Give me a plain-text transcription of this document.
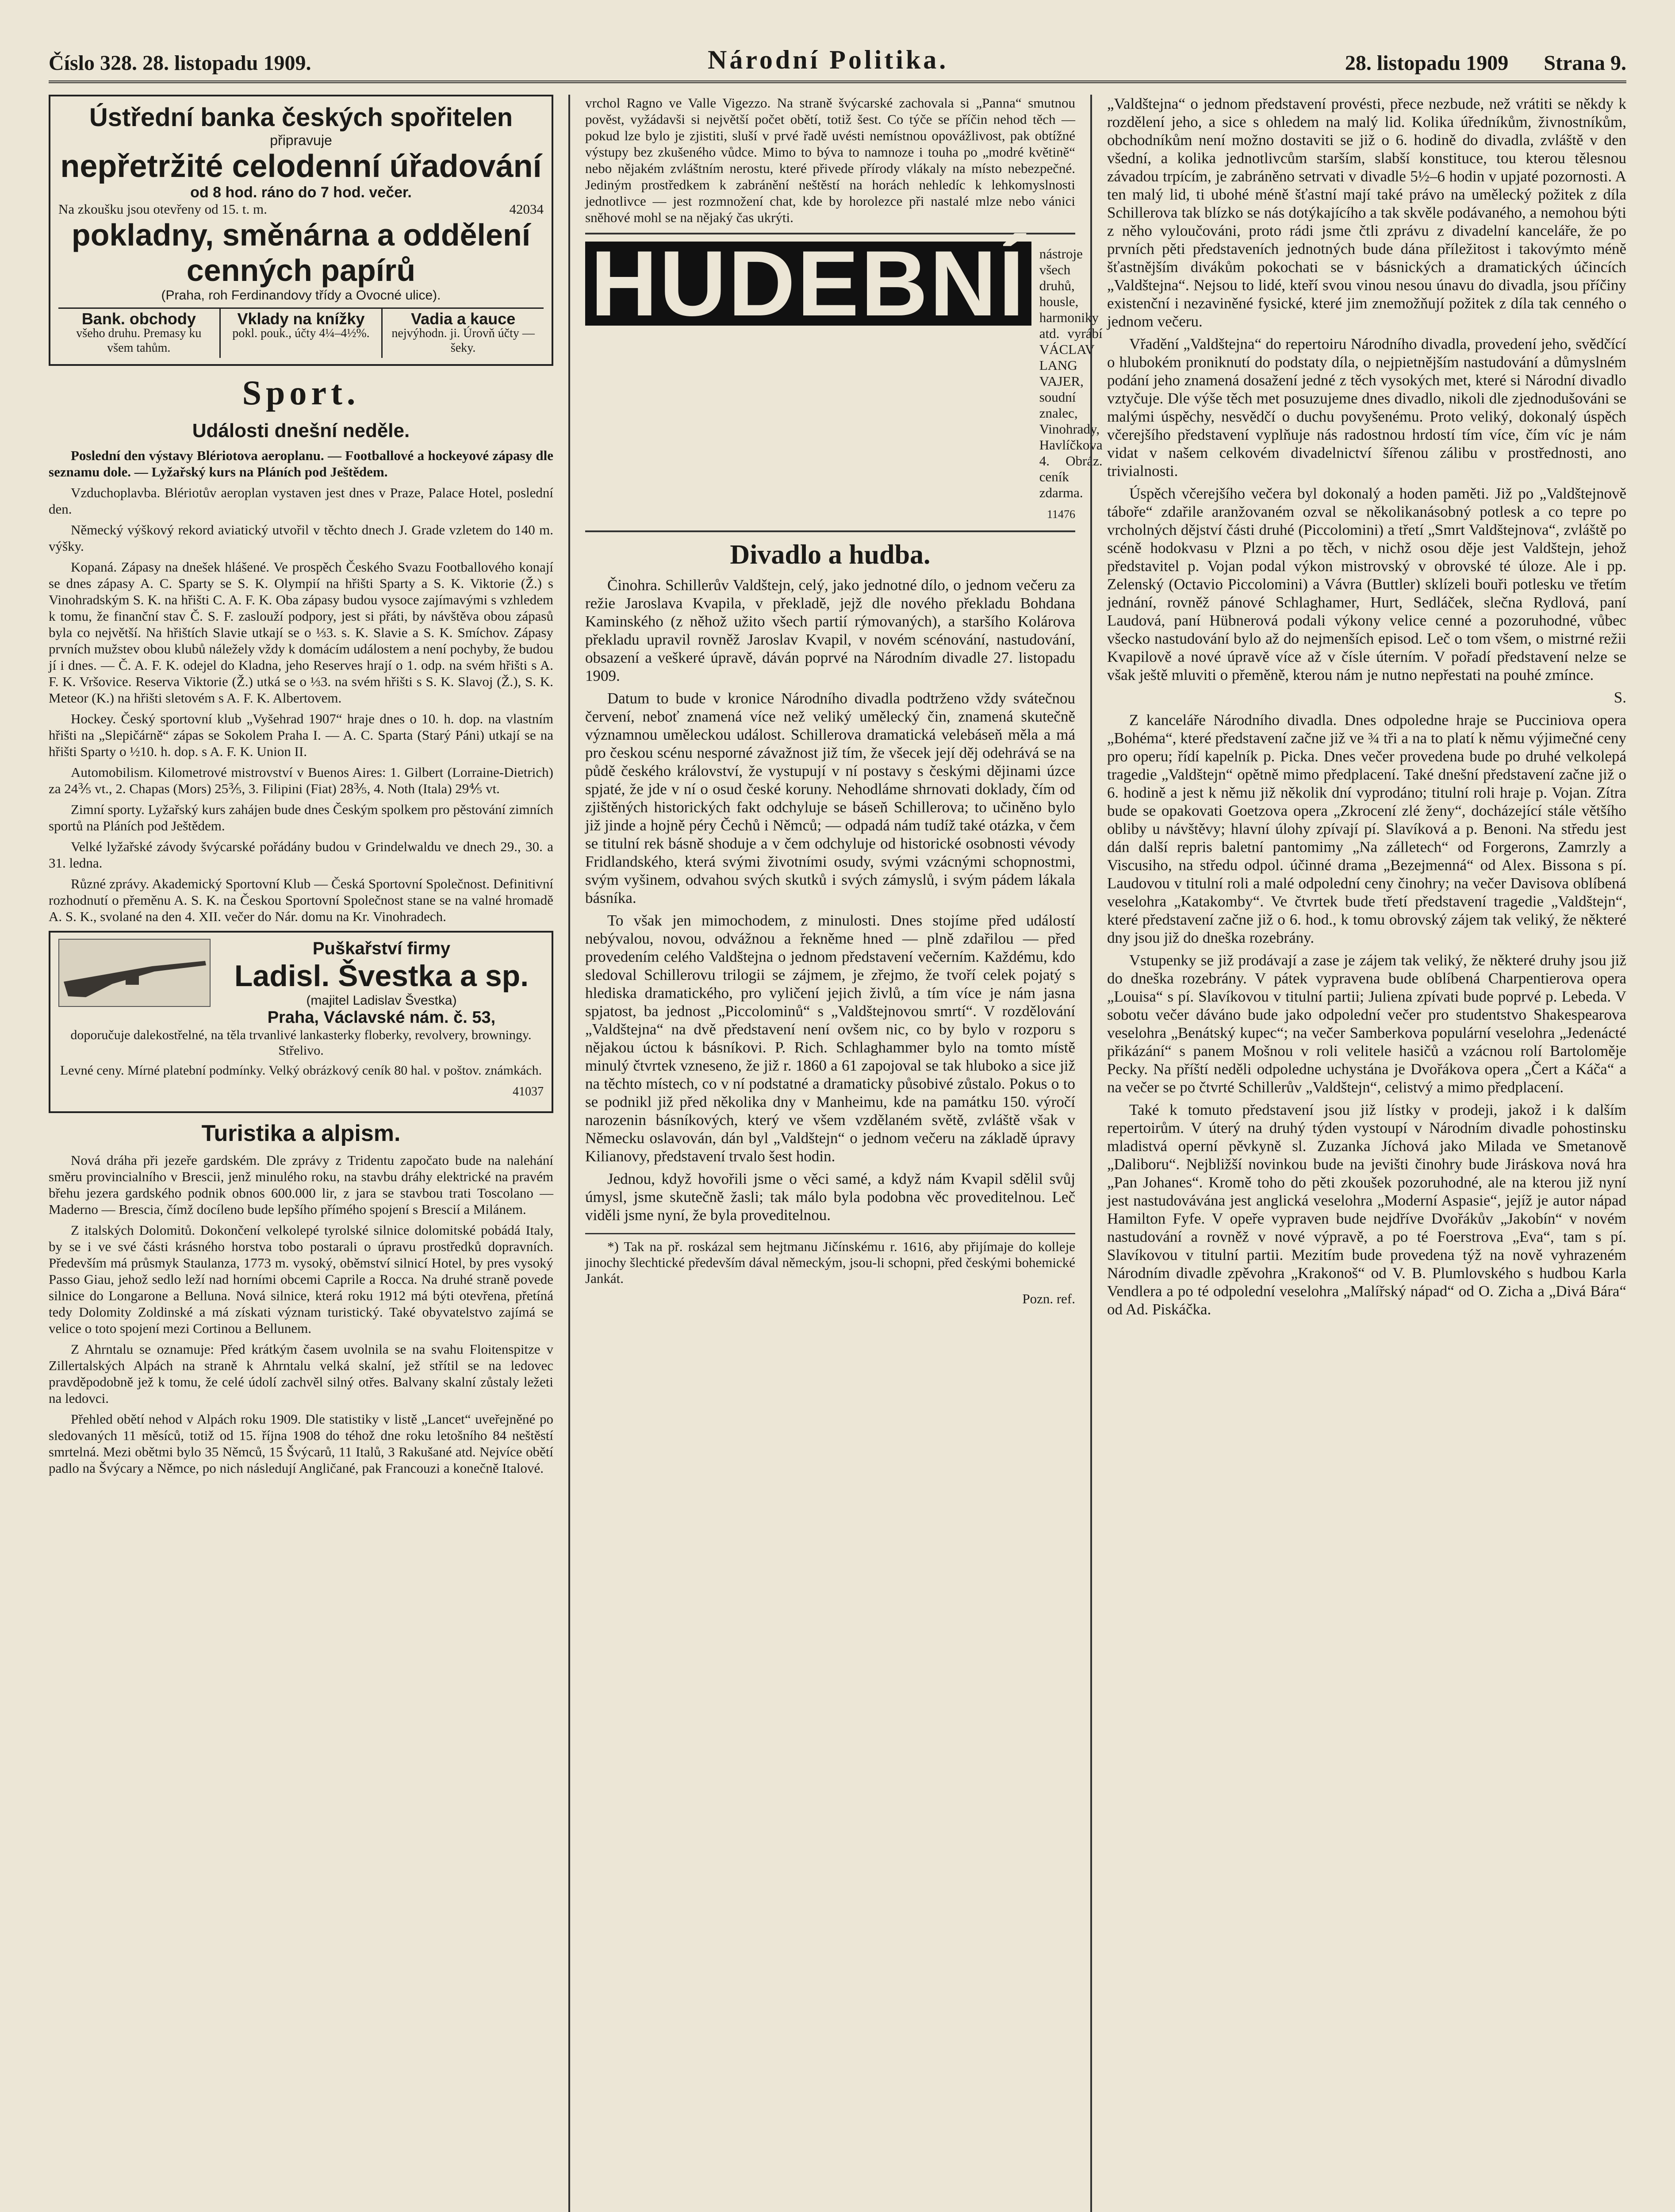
Číslo 328. 28. listopadu 1909.	Národní Politika.	28. listopadu 1909 Strana 9.
Ústřední banka českých spořitelen
připravuje
nepřetržité celodenní úřadování
od 8 hod. ráno do 7 hod. večer.
Na zkoušku jsou otevřeny od 15. t. m.	42034
pokladny, směnárna a oddělení cenných papírů
(Praha, roh Ferdinandovy třídy a Ovocné ulice).
Bank. obchody
všeho druhu. Premasy ku všem tahům.
Vklady na knížky
pokl. pouk., účty 4¼–4½%.
Vadia a kauce
nejvýhodn. ji. Úrovň účty — šeky.
Sport.
Události dnešní neděle.

Poslední den výstavy Blériotova aeroplanu. — Footballové a hockeyové zápasy dle seznamu dole. — Lyžařský kurs na Pláních pod Ještědem.

Vzduchoplavba. Blériotův aeroplan vystaven jest dnes v Praze, Palace Hotel, poslední den.

Německý výškový rekord aviatický utvořil v těchto dnech J. Grade vzletem do 140 m. výšky.

Kopaná. Zápasy na dnešek hlášené. Ve prospěch Českého Svazu Footballového konají se dnes zápasy A. C. Sparty se S. K. Olympií na hřišti Sparty a S. K. Viktorie (Ž.) s Vinohradským S. K. na hřišti C. A. F. K. Oba zápasy budou vysoce zajímavými s vzhledem k tomu, že finanční stav Č. S. F. zaslouží podpory, jest si přáti, by návštěva obou zápasů byla co největší. Na hřištích Slavie utkají se o ⅓3. s. K. Slavie a S. K. Smíchov. Zápasy prvních mužstev obou klubů náležely vždy k domácím událostem a není pochyby, že budou jí i dnes. — Č. A. F. K. odejel do Kladna, jeho Reserves hrají o 1. odp. na svém hřišti s A. F. K. Vršovice. Reserva Viktorie (Ž.) utká se o ⅓3. na svém hřišti s S. K. Slavoj (Ž.), S. K. Meteor (K.) na hřišti sletovém s A. F. K. Albertovem.

Hockey. Český sportovní klub „Vyšehrad 1907“ hraje dnes o 10. h. dop. na vlastním hřišti na „Slepičárně“ zápas se Sokolem Praha I. — A. C. Sparta (Starý Páni) utkají se na hřišti Sparty o ½10. h. dop. s A. F. K. Union II.

Automobilism. Kilometrové mistrovství v Buenos Aires: 1. Gilbert (Lorraine-Dietrich) za 24⅗ vt., 2. Chapas (Mors) 25⅗, 3. Filipini (Fiat) 28⅗, 4. Noth (Itala) 29⅘ vt.

Zimní sporty. Lyžařský kurs zahájen bude dnes Českým spolkem pro pěstování zimních sportů na Pláních pod Ještědem.

Velké lyžařské závody švýcarské pořádány budou v Grindelwaldu ve dnech 29., 30. a 31. ledna.

Různé zprávy. Akademický Sportovní Klub — Česká Sportovní Společnost. Definitivní rozhodnutí o přeměnu A. S. K. na Českou Sportovní Společnost stane se na valné hromadě A. S. K., svolané na den 4. XII. večer do Nár. domu na Kr. Vinohradech.

Puškařství firmy
Ladisl. Švestka a sp.
(majitel Ladislav Švestka)
Praha, Václavské nám. č. 53,

doporučuje dalekostřelné, na těla trvanlivé lankasterky floberky, revolvery, browningy. Střelivo.

Levné ceny. Mírné platební podmínky. Velký obrázkový ceník 80 hal. v poštov. známkách.

41037

Turistika a alpism.

Nová dráha při jezeře gardském. Dle zprávy z Tridentu započato bude na nalehání směru provincialního v Brescii, jenž minulého roku, na stavbu dráhy elektrické na pravém břehu jezera gardského podnik obnos 600.000 lir, z jara se stavbou trati Toscolano — Maderno — Brescia, čímž docíleno bude lepšího přímého spojení s Brescií a Milánem.

Z italských Dolomitů. Dokončení velkolepé tyrolské silnice dolomitské pobádá Italy, by se i ve své části krásného horstva tobo postarali o úpravu prostředků dopravních. Především má průsmyk Staulanza, 1773 m. vysoký, oběmství silnicí Hotel, by pres vysoký Passo Giau, jehož sedlo leží nad horními obcemi Caprile a Rocca. Na druhé straně povede silnice do Longarone a Belluna. Nová silnice, která roku 1912 má býti otevřena, přetíná tedy Dolomity Zoldinské a má získati význam turistický. Také obyvatelstvo zajímá se velice o toto spojení mezi Cortinou a Bellunem.

Z Ahrntalu se oznamuje: Před krátkým časem uvolnila se na svahu Floitenspitze v Zillertalských Alpách na straně k Ahrntalu velká skalní, jež střítil se na ledovec pravděpodobně jež k tomu, že celé údolí zachvěl silný otřes. Balvany skalní zůstaly ležeti na ledovci.

Přehled obětí nehod v Alpách roku 1909. Dle statistiky v listě „Lancet“ uveřejněné po sledovaných 11 měsíců, totiž od 15. října 1908 do téhož dne roku letošního 84 neštěstí smrtelná. Mezi obětmi bylo 35 Němců, 15 Švýcarů, 11 Italů, 3 Rakušané atd. Nejvíce obětí padlo na Švýcary a Němce, po nich následují Angličané, pak Francouzi a konečně Italové.

vrchol Ragno ve Valle Vigezzo. Na straně švýcarské zachovala si „Panna“ smutnou pověst, vyžádavši si největší počet obětí, totiž šest. Co týče se příčin nehod těch — pokud lze bylo je zjistiti, sluší v prvé řadě uvésti nemístnou opovážlivost, pak obtížné výstupy bez zkušeného vůdce. Mimo to býva to namnoze i touha po „modré květině“ nebo nějakém zvláštním nerostu, které přivede přírody vlákaly na místo nebezpečné. Jediným prostředkem k zabránění neštěstí na horách nehledíc k lehkomyslnosti jednotlivce — jest rozmnožení chat, kde by horolezce při nastalé mlze nebo vánici sněhové mohl se na nějaký čas ukrýti.

HUDEBNÍ nástroje všech druhů, housle, harmoniky atd. vyrábí VÁCLAV LANG VAJER, soudní znalec, Vinohrady, Havlíčkova 4. Obráz. ceník zdarma.

11476

Divadlo a hudba.

Činohra. Schillerův Valdštejn, celý, jako jednotné dílo, o jednom večeru za režie Jaroslava Kvapila, v překladě, jejž dle nového překladu Bohdana Kaminského (z něhož užito všech partií rýmovaných), a staršího Kolárova překladu upravil rovněž Jaroslav Kvapil, v novém scénování, nastudování, obsazení a veškeré úpravě, dáván poprvé na Národním divadle 27. listopadu 1909.

Datum to bude v kronice Národního divadla podtrženo vždy svátečnou červení, neboť znamená více než veliký umělecký čin, znamená skutečně významnou uměleckou událost. Schillerova dramatická velebáseň měla a má pro českou scénu nesporné závažnost již tím, že všecek její děj odehrává se na půdě českého království, že vystupují v ní postavy s českými dějinami úzce spjaté, že jde v ní o osud české koruny. Nehodláme shrnovati doklady, čím od zjištěných historických fakt odchyluje se báseň Schillerova; to učiněno bylo již jinde a hojně péry Čechů i Němců; — odpadá nám tudíž také otázka, v čem se titulní rek básně shoduje a v čem odchyluje od historické osobnosti vévody Fridlandského, která svými životními osudy, svými vzácnými schopnostmi, svým vyšinem, odvahou svých skutků i svých zámyslů, i svým pádem lákala básníka.

To však jen mimochodem, z minulosti. Dnes stojíme před událostí nebývalou, novou, odvážnou a řekněme hned — plně zdařilou — před provedením celého Valdštejna o jednom představení večerním. Každému, kdo sledoval Schillerovu trilogii se zájmem, je zřejmo, že tvoří celek pojatý s hlediska dramatického, pro vyličení jejich živlů, a tím více je nám jasna spjatost, ba jednost „Piccolominů“ s „Valdštejnovou smrtí“. V rozdělování „Valdštejna“ na dvě představení není ovšem nic, co by bylo v rozporu s nějakou úctou k básníkovi. P. Rich. Schlaghammer bylo na tomto místě minulý čtvrtek vzneseno, že již r. 1860 a 61 zapojoval se tak hluboko a sice již na těchto místech, co v ní podstatné a dramaticky působivé zůstalo. Pokus o to se podnikl již před několika dny v Manheimu, kde na památku 150. výročí narozenin básníkových, který ve všem vzdělaném světě, zvláště však v Německu oslavován, dán byl „Valdštejn“ o jednom večeru na základě úpravy Kilianovy, představení trvalo šest hodin.

Jednou, když hovořili jsme o věci samé, a když nám Kvapil sdělil svůj úmysl, jsme skutečně žasli; tak málo byla podobna věc proveditelnou. Leč viděli jsme nyní, že byla proveditelnou.

*) Tak na př. roskázal sem hejtmanu Jičínskému r. 1616, aby přijímaje do kolleje jinochy šlechtické především dával německým, jsou-li schopni, před českými bohemické Jankát.

Pozn. ref.

„Valdštejna“ o jednom představení provésti, přece nezbude, než vrátiti se někdy k rozdělení jeho, a sice s ohledem na malý lid. Kolika úředníkům, živnostníkům, obchodníkům není možno dostaviti se již o 6. hodině do divadla, zvláště v den všední, a kolika jednotlivcům starším, slabší konstituce, tou kterou tělesnou závadou trpícím, je zabráněno setrvati v divadle 5½–6 hodin v upjaté pozornosti. A ten malý lid, ti ubohé méně šťastní mají také právo na umělecký požitek z díla Schillerova tak blízko se nás dotýkajícího a tak skvěle podávaného, a nemohou býti z něho vyloučováni, proto rádi jsme čtli zprávu z divadelní kanceláře, že po prvních pěti představeních jednotných bude dána příležitost i takovýmto méně šťastnějším divákům pokochati se v básnických a dramatických účincích „Valdštejna“. Nejsou to lidé, kteří svou vinou nesou únavu do divadla, jsou příčiny existenční i nezaviněné fysické, které jim znemožňují požitek z díla tak cenného o jednom večeru.

Vřadění „Valdštejna“ do repertoiru Národního divadla, provedení jeho, svědčící o hlubokém proniknutí do podstaty díla, o nejpietnějším nastudování a důmyslném podání jeho znamená dosažení jedné z těch vysokých met, které si Národní divadlo vztyčuje. Dle výše těch met posuzujeme dnes divadlo, nikoli dle zjednodušováni se malými úspěchy, nesvědčí o duchu povyšenému. Proto veliký, dokonalý úspěch včerejšího představení vyplňuje nás radostnou hrdostí tím více, čím víc je nám vidat v našem celkovém divadelnictví šířenou zálibu v prostřednosti, ano trivialnosti.

Úspěch včerejšího večera byl dokonalý a hoden paměti. Již po „Valdštejnově táboře“ zdařile aranžovaném ozval se několikanásobný potlesk a co tepre po vrcholných dějství části druhé (Piccolomini) a třetí „Smrt Valdštejnova“, zvláště po scéně hodokvasu v Plzni a po těch, v nichž osou děje jest Valdštejn, jehož představitel p. Vojan podal výkon mistrovský v obrovské té úloze. Ale i pp. Zelenský (Octavio Piccolomini) a Vávra (Buttler) sklízeli bouři potlesku ve třetím jednání, rovněž pánové Schlaghamer, Hurt, Sedláček, slečna Rydlová, paní Laudová, paní Hübnerová podali výkony velice cenné a pozoruhodné, vůbec všecko nastudování bylo až do nejmenších episod. Leč o tom všem, o mistrné režii Kvapilově a nové úpravě více až v čísle úterním. V pořadí představení nelze se však ještě mluviti o přeměně, kterou nám je nutno nepřestati na pouhé zmínce.

S.

Z kanceláře Národního divadla. Dnes odpoledne hraje se Pucciniova opera „Bohéma“, které představení začne již ve ¾ tři a na to platí k němu výjimečné ceny pro operu; řídí kapelník p. Picka. Dnes večer provedena bude po druhé velkolepá tragedie „Valdštejn“ opětně mimo předplacení. Také dnešní představení začne již o 6. hodině a jest k němu již několik dní vyprodáno; titulní roli hraje p. Vojan. Zítra bude se opakovati Goetzova opera „Zkrocení zlé ženy“, docházející stále většího obliby u návštěvy; hlavní úlohy zpívají pí. Slavíková a p. Benoni. Na středu jest dán další repris baletní pantomimy „Na zálletech“ od Forgerons, Zamrzly a Viscusiho, na středu odpol. účinné drama „Bezejmenná“ od Alex. Bissona s pí. Laudovou v titulní roli a malé odpolední ceny činohry; na večer Davisova oblíbená veselohra „Katakomby“. Ve čtvrtek bude třetí představení tragedie „Valdštejn“, které představení začne již o 6. hod., k tomu obrovský zájem tak veliký, že některé dny jsou již do dneška rozebrány.

Vstupenky se již prodávají a zase je zájem tak veliký, že některé druhy jsou již do dneška rozebrány. V pátek vypravena bude oblíbená Charpentierova opera „Louisa“ s pí. Slavíkovou v titulní partii; Juliena zpívati bude poprvé p. Lebeda. V sobotu večer dáváno bude jako odpolední večer pro studentstvo Shakespearova veselohra „Benátský kupec“; na večer Samberkova populární veselohra „Jedenácté přikázání“ s panem Mošnou v roli velitele hasičů a vzácnou rolí Bartoloměje Pecky. Na příští neděli odpoledne uchystána je Dvořákova opera „Čert a Káča“ a na večer se po čtvrté Schillerův „Valdštejn“, celistvý a mimo předplacení.

Také k tomuto představení jsou již lístky v prodeji, jakož i k dalším repertoirům. V úterý na druhý týden vystoupí v Národním divadle pohostinsku mladistvá operní pěvkyně sl. Zuzanka Jíchová jako Milada ve Smetanově „Daliboru“. Nejbližší novinkou bude na jevišti činohry bude Jiráskova nová hra „Pan Johanes“. Kromě toho do pěti zkoušek pozoruhodné, ale na kterou již nyní jest nastudovávána jest anglická veselohra „Moderní Aspasie“, jejíž je autor nápad Hamilton Fyfe. V opeře vypraven bude nejdříve Dvořákův „Jakobín“ v novém nastudování a rovněž v nové výpravě, a po té Foerstrova „Eva“, tam s pí. Slavíkovou v titulní partii. Mezitím bude provedena týž na nově vyhrazeném Národním divadle zpěvohra „Krakonoš“ od V. B. Plumlovského s hudbou Karla Vendlera a po té odpolední veselohra „Malířský nápad“ od O. Zicha a „Divá Bára“ od Ad. Piskáčka.
